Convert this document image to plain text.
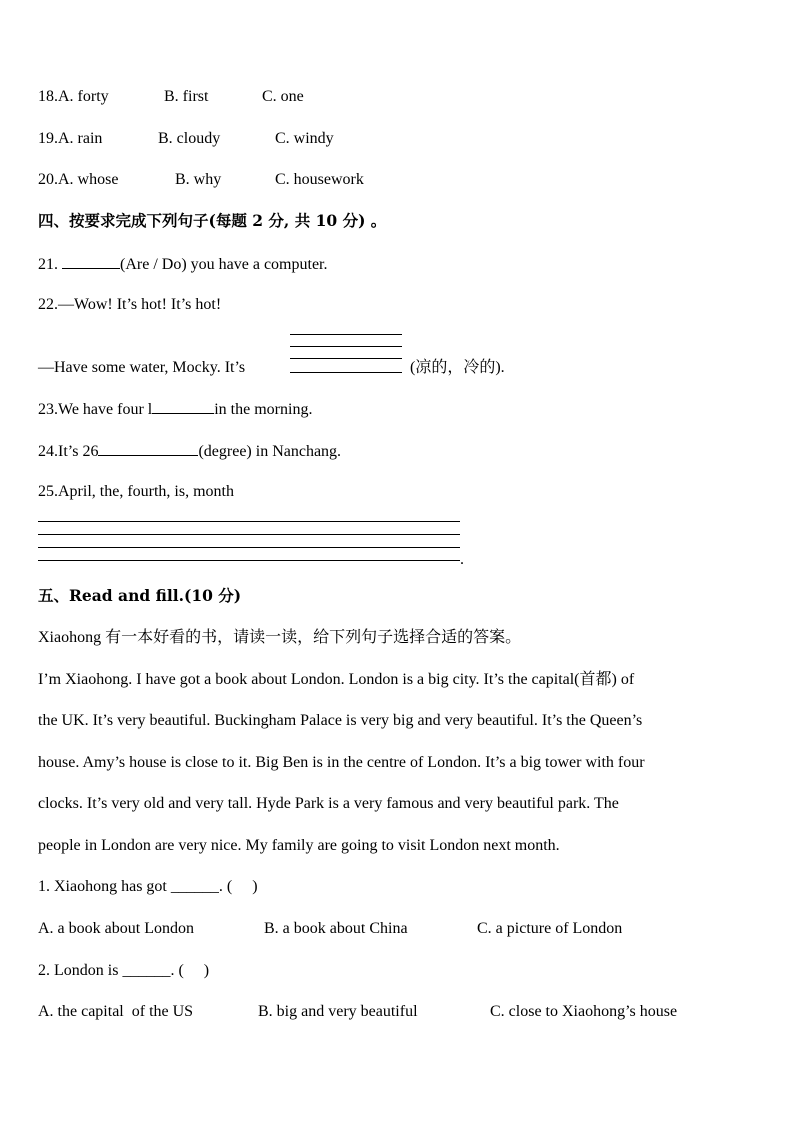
18.A. forty	B. first	C. one
19.A. rain	B. cloudy	C. windy
20.A. whose	B. why	C. housework
四、按要求完成下列句子(每题 2 分, 共 10 分) 。
21.	(Are / Do) you have a computer.
22.—Wow! It’s hot! It’s hot!
—Have some water, Mocky. It’s	(凉的，冷的).
23.We have four l	in the morning.
24.It’s 26	(degree) in Nanchang.
25.April, the, fourth, is, month
.
五、Read and fill.(10 分)
Xiaohong 有一本好看的书，请读一读，给下列句子选择合适的答案。
I’m Xiaohong. I have got a book about London. London is a big city. It’s the capital(首都) of
the UK. It’s very beautiful. Buckingham Palace is very big and very beautiful. It’s the Queen’s
house. Amy’s house is close to it. Big Ben is in the centre of London. It’s a big tower with four
clocks. It’s very old and very tall. Hyde Park is a very famous and very beautiful park. The
people in London are very nice. My family are going to visit London next month.
1. Xiaohong has got ______. (     )
A. a book about London	B. a book about China	C. a picture of London
2. London is ______. (     )
A. the capital  of the US	B. big and very beautiful	C. close to Xiaohong’s house
